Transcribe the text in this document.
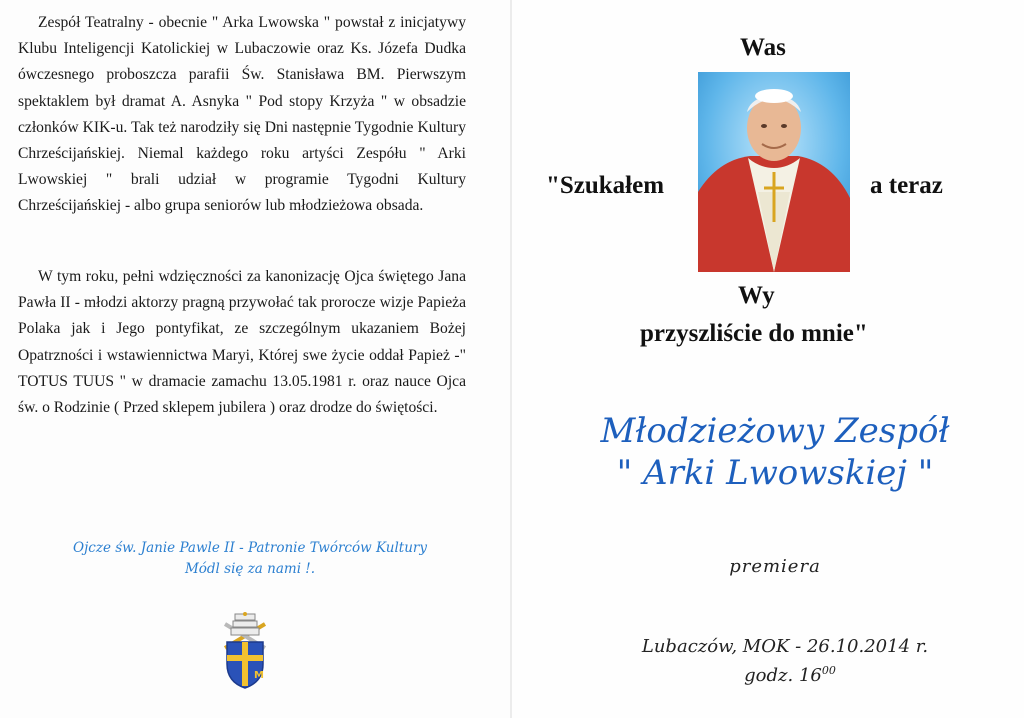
Zespół Teatralny - obecnie " Arka Lwowska " powstał z inicjatywy Klubu Inteligencji Katolickiej w Lubaczowie oraz Ks. Józefa Dudka ówczesnego proboszcza parafii Św. Stanisława BM. Pierwszym spektaklem był dramat A. Asnyka " Pod stopy Krzyża " w obsadzie członków KIK-u. Tak też narodziły się Dni następnie Tygodnie Kultury Chrześcijańskiej. Niemal każdego roku artyści Zespółu " Arki Lwowskiej " brali udział w programie Tygodni Kultury Chrześcijańskiej - albo grupa seniorów lub młodzieżowa obsada.

W tym roku, pełni wdzięczności za kanonizację Ojca świętego Jana Pawła II - młodzi aktorzy pragną przywołać tak prorocze wizje Papieża Polaka jak i Jego pontyfikat, ze szczególnym ukazaniem Bożej Opatrzności i wstawiennictwa Maryi, Której swe życie oddał Papież -" TOTUS TUUS " w dramacie zamachu 13.05.1981 r. oraz nauce Ojca św. o Rodzinie ( Przed sklepem jubilera ) oraz drodze do świętości.

Ojcze św. Janie Pawle II - Patronie Twórców Kultury
Módl się za nami !.
M
Was
"Szukałem	a teraz
Wy
przyszliście do mnie"
Młodzieżowy Zespół
" Arki Lwowskiej "
premiera
Lubaczów, MOK - 26.10.2014 r.
godz. $16^{00}$
